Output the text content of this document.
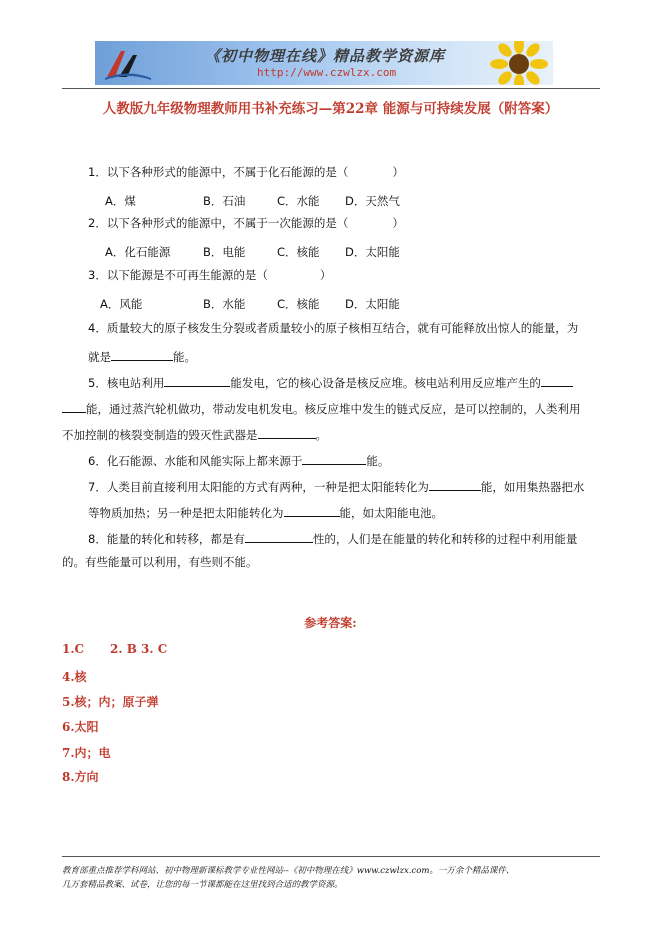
《初中物理在线》精品教学资源库
http://www.czwlzx.com
人教版九年级物理教师用书补充练习—第22章 能源与可持续发展（附答案）
1．以下各种形式的能源中，不属于化石能源的是（	）
A．煤	B．石油	C．水能 D．天然气
2．以下各种形式的能源中，不属于一次能源的是（	）
A．化石能源	B．电能	C．核能 D．太阳能
3．以下能源是不可再生能源的是（	）
A．风能	B．水能	C．核能 D．太阳能
4．质量较大的原子核发生分裂或者质量较小的原子核相互结合，就有可能释放出惊人的能量，为
就是	能。
5．核电站利用	能发电，它的核心设备是核反应堆。核电站利用反应堆产生的
能，通过蒸汽轮机做功，带动发电机发电。核反应堆中发生的链式反应，是可以控制的，人类利用
不加控制的核裂变制造的毁灭性武器是	。
6．化石能源、水能和风能实际上都来源于	能。
7．人类目前直接利用太阳能的方式有两种，一种是把太阳能转化为	能，如用集热器把水
等物质加热；另一种是把太阳能转化为	能，如太阳能电池。
8．能量的转化和转移，都是有	性的，人们是在能量的转化和转移的过程中利用能量
的。有些能量可以利用，有些则不能。
参考答案:
1.C 2. B 3. C
4.核
5.核；内；原子弹
6.太阳
7.内；电
8.方向
教育部重点推荐学科网站、初中物理新课标教学专业性网站--《初中物理在线》www.czwlzx.com。一万余个精品课件、
几万套精品教案、试卷，让您的每一节课都能在这里找到合适的教学资源。
